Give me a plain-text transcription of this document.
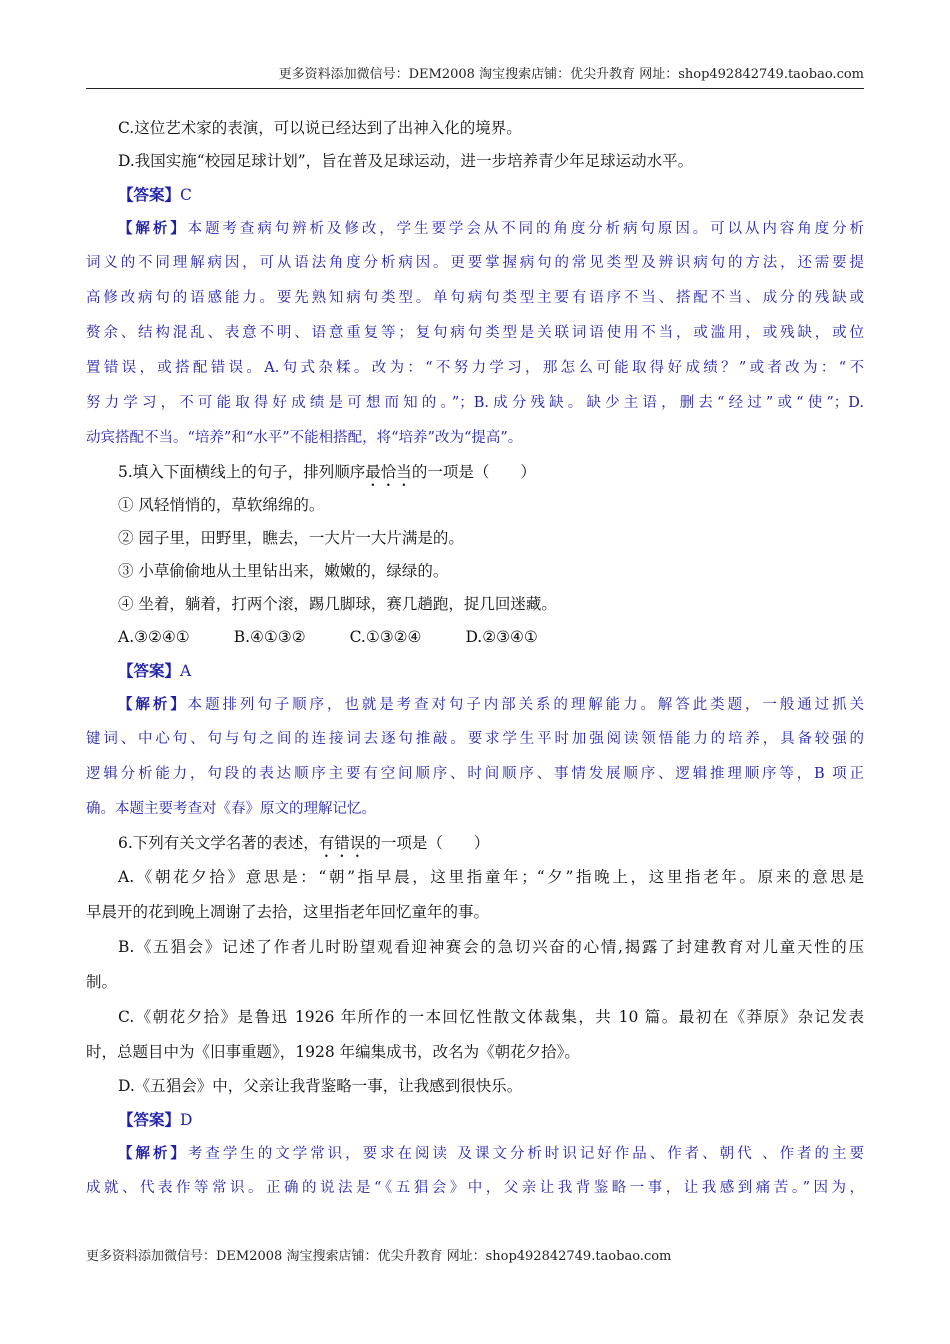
更多资料添加微信号：DEM2008 淘宝搜索店铺：优尖升教育 网址：shop492842749.taobao.com
C.这位艺术家的表演，可以说已经达到了出神入化的境界。
D.我国实施“校园足球计划”，旨在普及足球运动，进一步培养青少年足球运动水平。
【答案】C
【解析】本题考查病句辨析及修改，学生要学会从不同的角度分析病句原因。可以从内容角度分析
词义的不同理解病因，可从语法角度分析病因。更要掌握病句的常见类型及辨识病句的方法，还需要提
高修改病句的语感能力。要先熟知病句类型。单句病句类型主要有语序不当、搭配不当、成分的残缺或
赘余、结构混乱、表意不明、语意重复等；复句病句类型是关联词语使用不当，或滥用，或残缺，或位
置错误，或搭配错误。A.句式杂糅。改为：“不努力学习，那怎么可能取得好成绩？”或者改为：“不
努力学习，不可能取得好成绩是可想而知的。”；B.成分残缺。缺少主语，删去“经过”或“使”；D.
动宾搭配不当。“培养”和“水平”不能相搭配，将“培养”改为“提高”。
5.填入下面横线上的句子，排列顺序最恰当的一项是（　　）
① 风轻悄悄的，草软绵绵的。
② 园子里，田野里，瞧去，一大片一大片满是的。
③ 小草偷偷地从土里钻出来，嫩嫩的，绿绿的。
④ 坐着，躺着，打两个滚，踢几脚球，赛几趟跑，捉几回迷藏。
A.③②④①	B.④①③②	C.①③②④	D.②③④①
【答案】A
【解析】本题排列句子顺序，也就是考查对句子内部关系的理解能力。解答此类题，一般通过抓关
键词、中心句、句与句之间的连接词去逐句推敲。要求学生平时加强阅读领悟能力的培养，具备较强的
逻辑分析能力，句段的表达顺序主要有空间顺序、时间顺序、事情发展顺序、逻辑推理顺序等，B 项正
确。本题主要考查对《春》原文的理解记忆。
6.下列有关文学名著的表述，有错误的一项是（　　）
A.《朝花夕拾》意思是：“朝”指早晨，这里指童年；“夕”指晚上，这里指老年。原来的意思是
早晨开的花到晚上凋谢了去拾，这里指老年回忆童年的事。
B.《五猖会》记述了作者儿时盼望观看迎神赛会的急切兴奋的心情,揭露了封建教育对儿童天性的压
制。
C.《朝花夕拾》是鲁迅 1926 年所作的一本回忆性散文体裁集，共 10 篇。最初在《莽原》杂记发表
时，总题目中为《旧事重题》，1928 年编集成书，改名为《朝花夕拾》。
D.《五猖会》中，父亲让我背鉴略一事，让我感到很快乐。
【答案】D
【解析】考查学生的文学常识，要求在阅读 及课文分析时识记好作品、作者、朝代 、作者的主要
成就、代表作等常识。正确的说法是“《五猖会》中，父亲让我背鉴略一事，让我感到痛苦。”因为，
更多资料添加微信号：DEM2008 淘宝搜索店铺：优尖升教育 网址：shop492842749.taobao.com
